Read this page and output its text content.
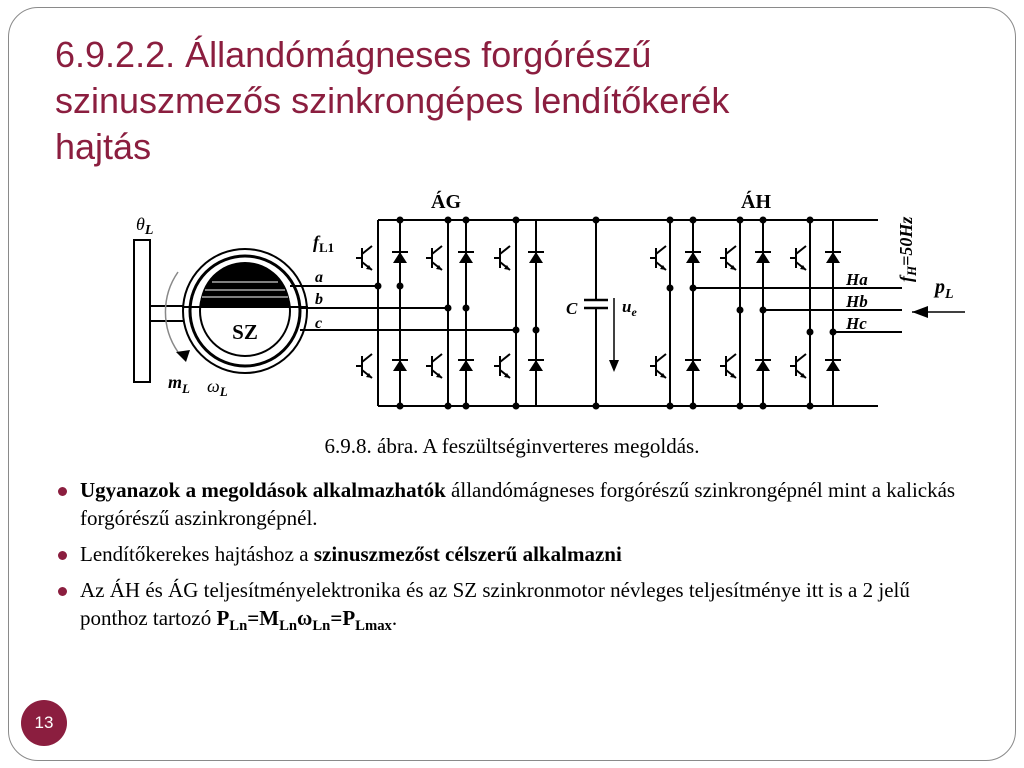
6.9.2.2. Állandómágneses forgórészű
szinuszmezős szinkrongépes lendítőkerék
hajtás
SZ
a
b
c
C	$u_e$
Ha
Hb
Hc
ÁG	ÁH
$\theta_L$
$f_{L1}$
$m_L$ $\omega_L$
$p_L$
$f_H=50Hz$
6.9.8. ábra. A feszültséginverteres megoldás.
Ugyanazok a megoldások alkalmazhatók állandómágneses forgórészű szinkrongépnél mint a kalickás forgórészű aszinkrongépnél.
Lendítőkerekes hajtáshoz a szinuszmezőst célszerű alkalmazni
Az ÁH és ÁG teljesítményelektronika és az SZ szinkronmotor névleges teljesítménye itt is a 2 jelű ponthoz tartozó $P_{Ln}=M_{Ln}\omega_{Ln}=P_{Lmax}$.
13
